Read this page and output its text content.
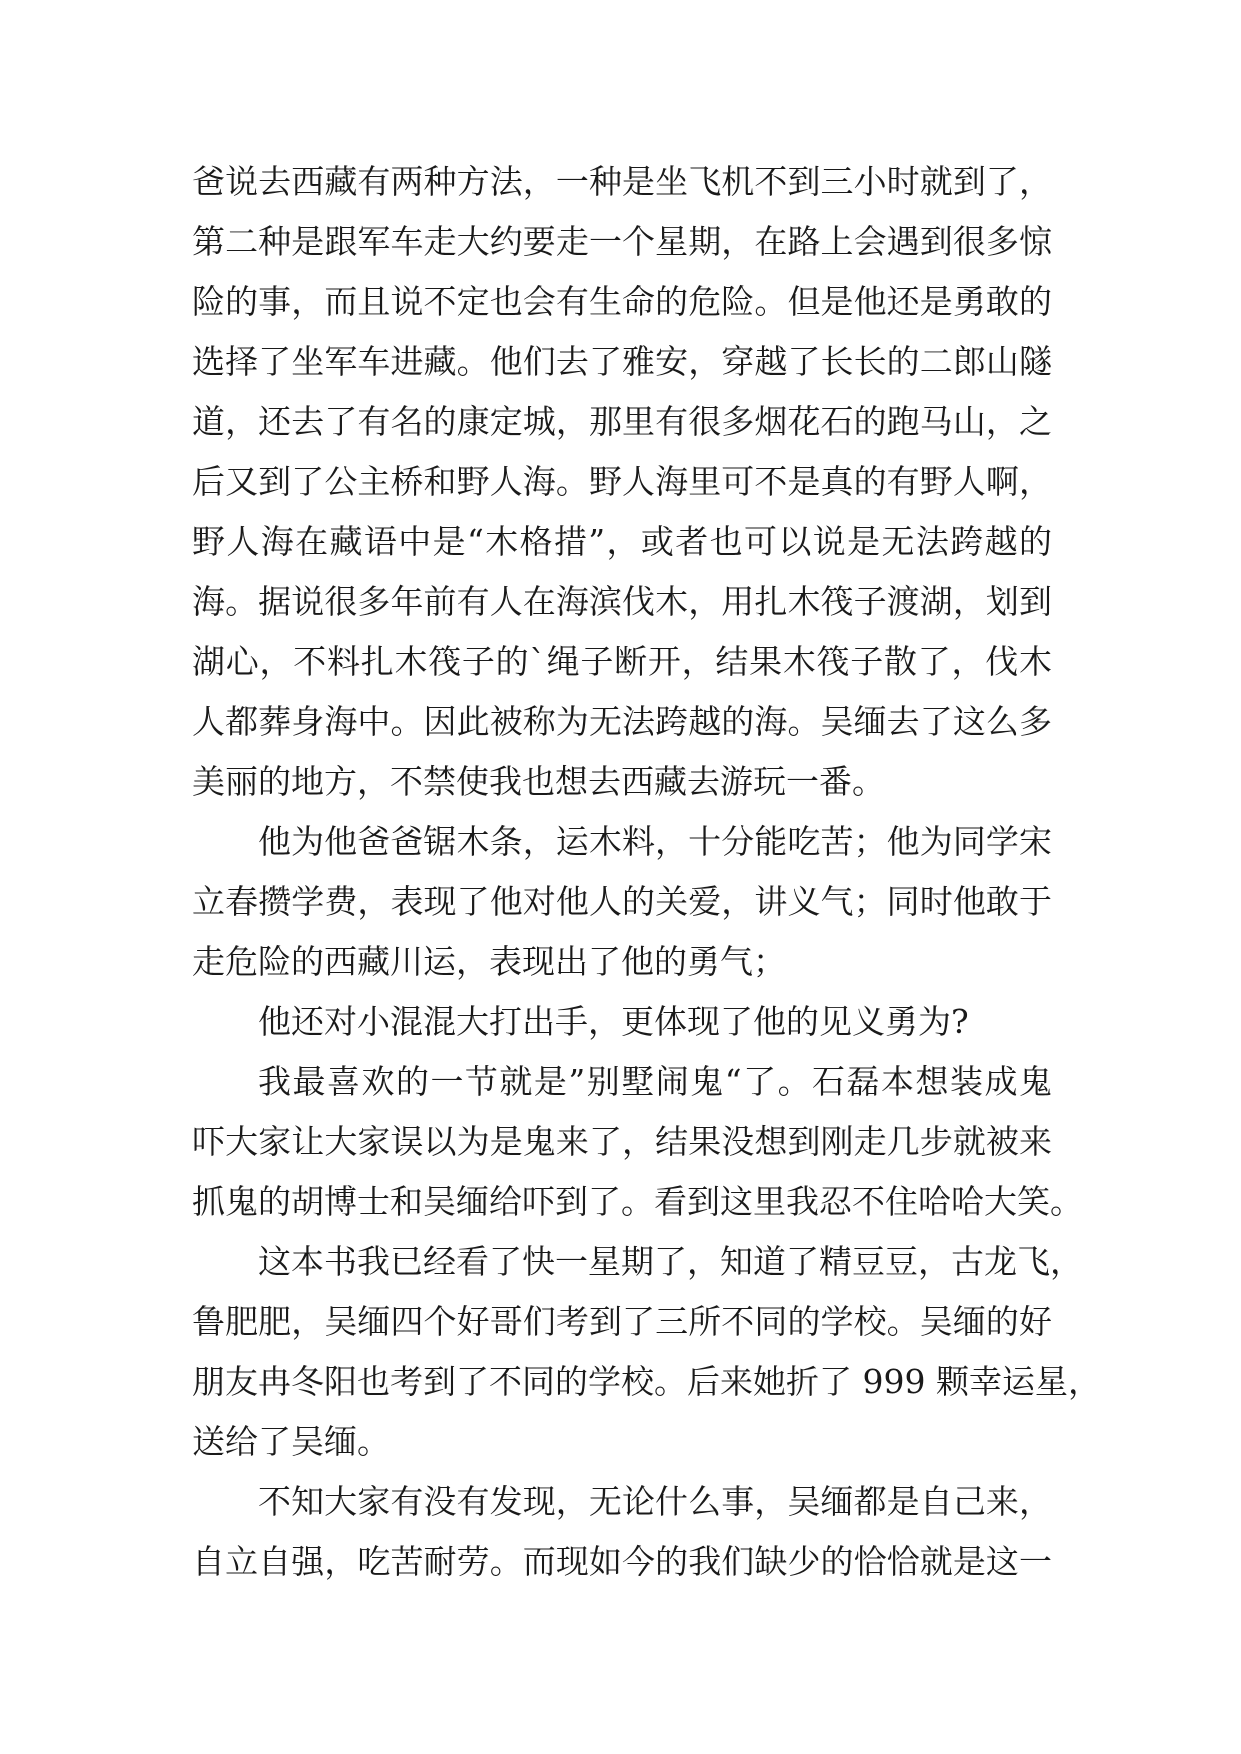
爸说去西藏有两种方法，一种是坐飞机不到三小时就到了，
第二种是跟军车走大约要走一个星期，在路上会遇到很多惊
险的事，而且说不定也会有生命的危险。但是他还是勇敢的
选择了坐军车进藏。他们去了雅安，穿越了长长的二郎山隧
道，还去了有名的康定城，那里有很多烟花石的跑马山，之
后又到了公主桥和野人海。野人海里可不是真的有野人啊，
野人海在藏语中是“木格措”，或者也可以说是无法跨越的
海。据说很多年前有人在海滨伐木，用扎木筏子渡湖，划到
湖心，不料扎木筏子的`绳子断开，结果木筏子散了，伐木
人都葬身海中。因此被称为无法跨越的海。吴缅去了这么多
美丽的地方，不禁使我也想去西藏去游玩一番。
他为他爸爸锯木条，运木料，十分能吃苦；他为同学宋
立春攒学费，表现了他对他人的关爱，讲义气；同时他敢于
走危险的西藏川运，表现出了他的勇气；
他还对小混混大打出手，更体现了他的见义勇为?
我最喜欢的一节就是”别墅闹鬼“了。石磊本想装成鬼
吓大家让大家误以为是鬼来了，结果没想到刚走几步就被来
抓鬼的胡博士和吴缅给吓到了。看到这里我忍不住哈哈大笑。
这本书我已经看了快一星期了，知道了精豆豆，古龙飞，
鲁肥肥，吴缅四个好哥们考到了三所不同的学校。吴缅的好
朋友冉冬阳也考到了不同的学校。后来她折了 999 颗幸运星，
送给了吴缅。
不知大家有没有发现，无论什么事，吴缅都是自己来，
自立自强，吃苦耐劳。而现如今的我们缺少的恰恰就是这一
